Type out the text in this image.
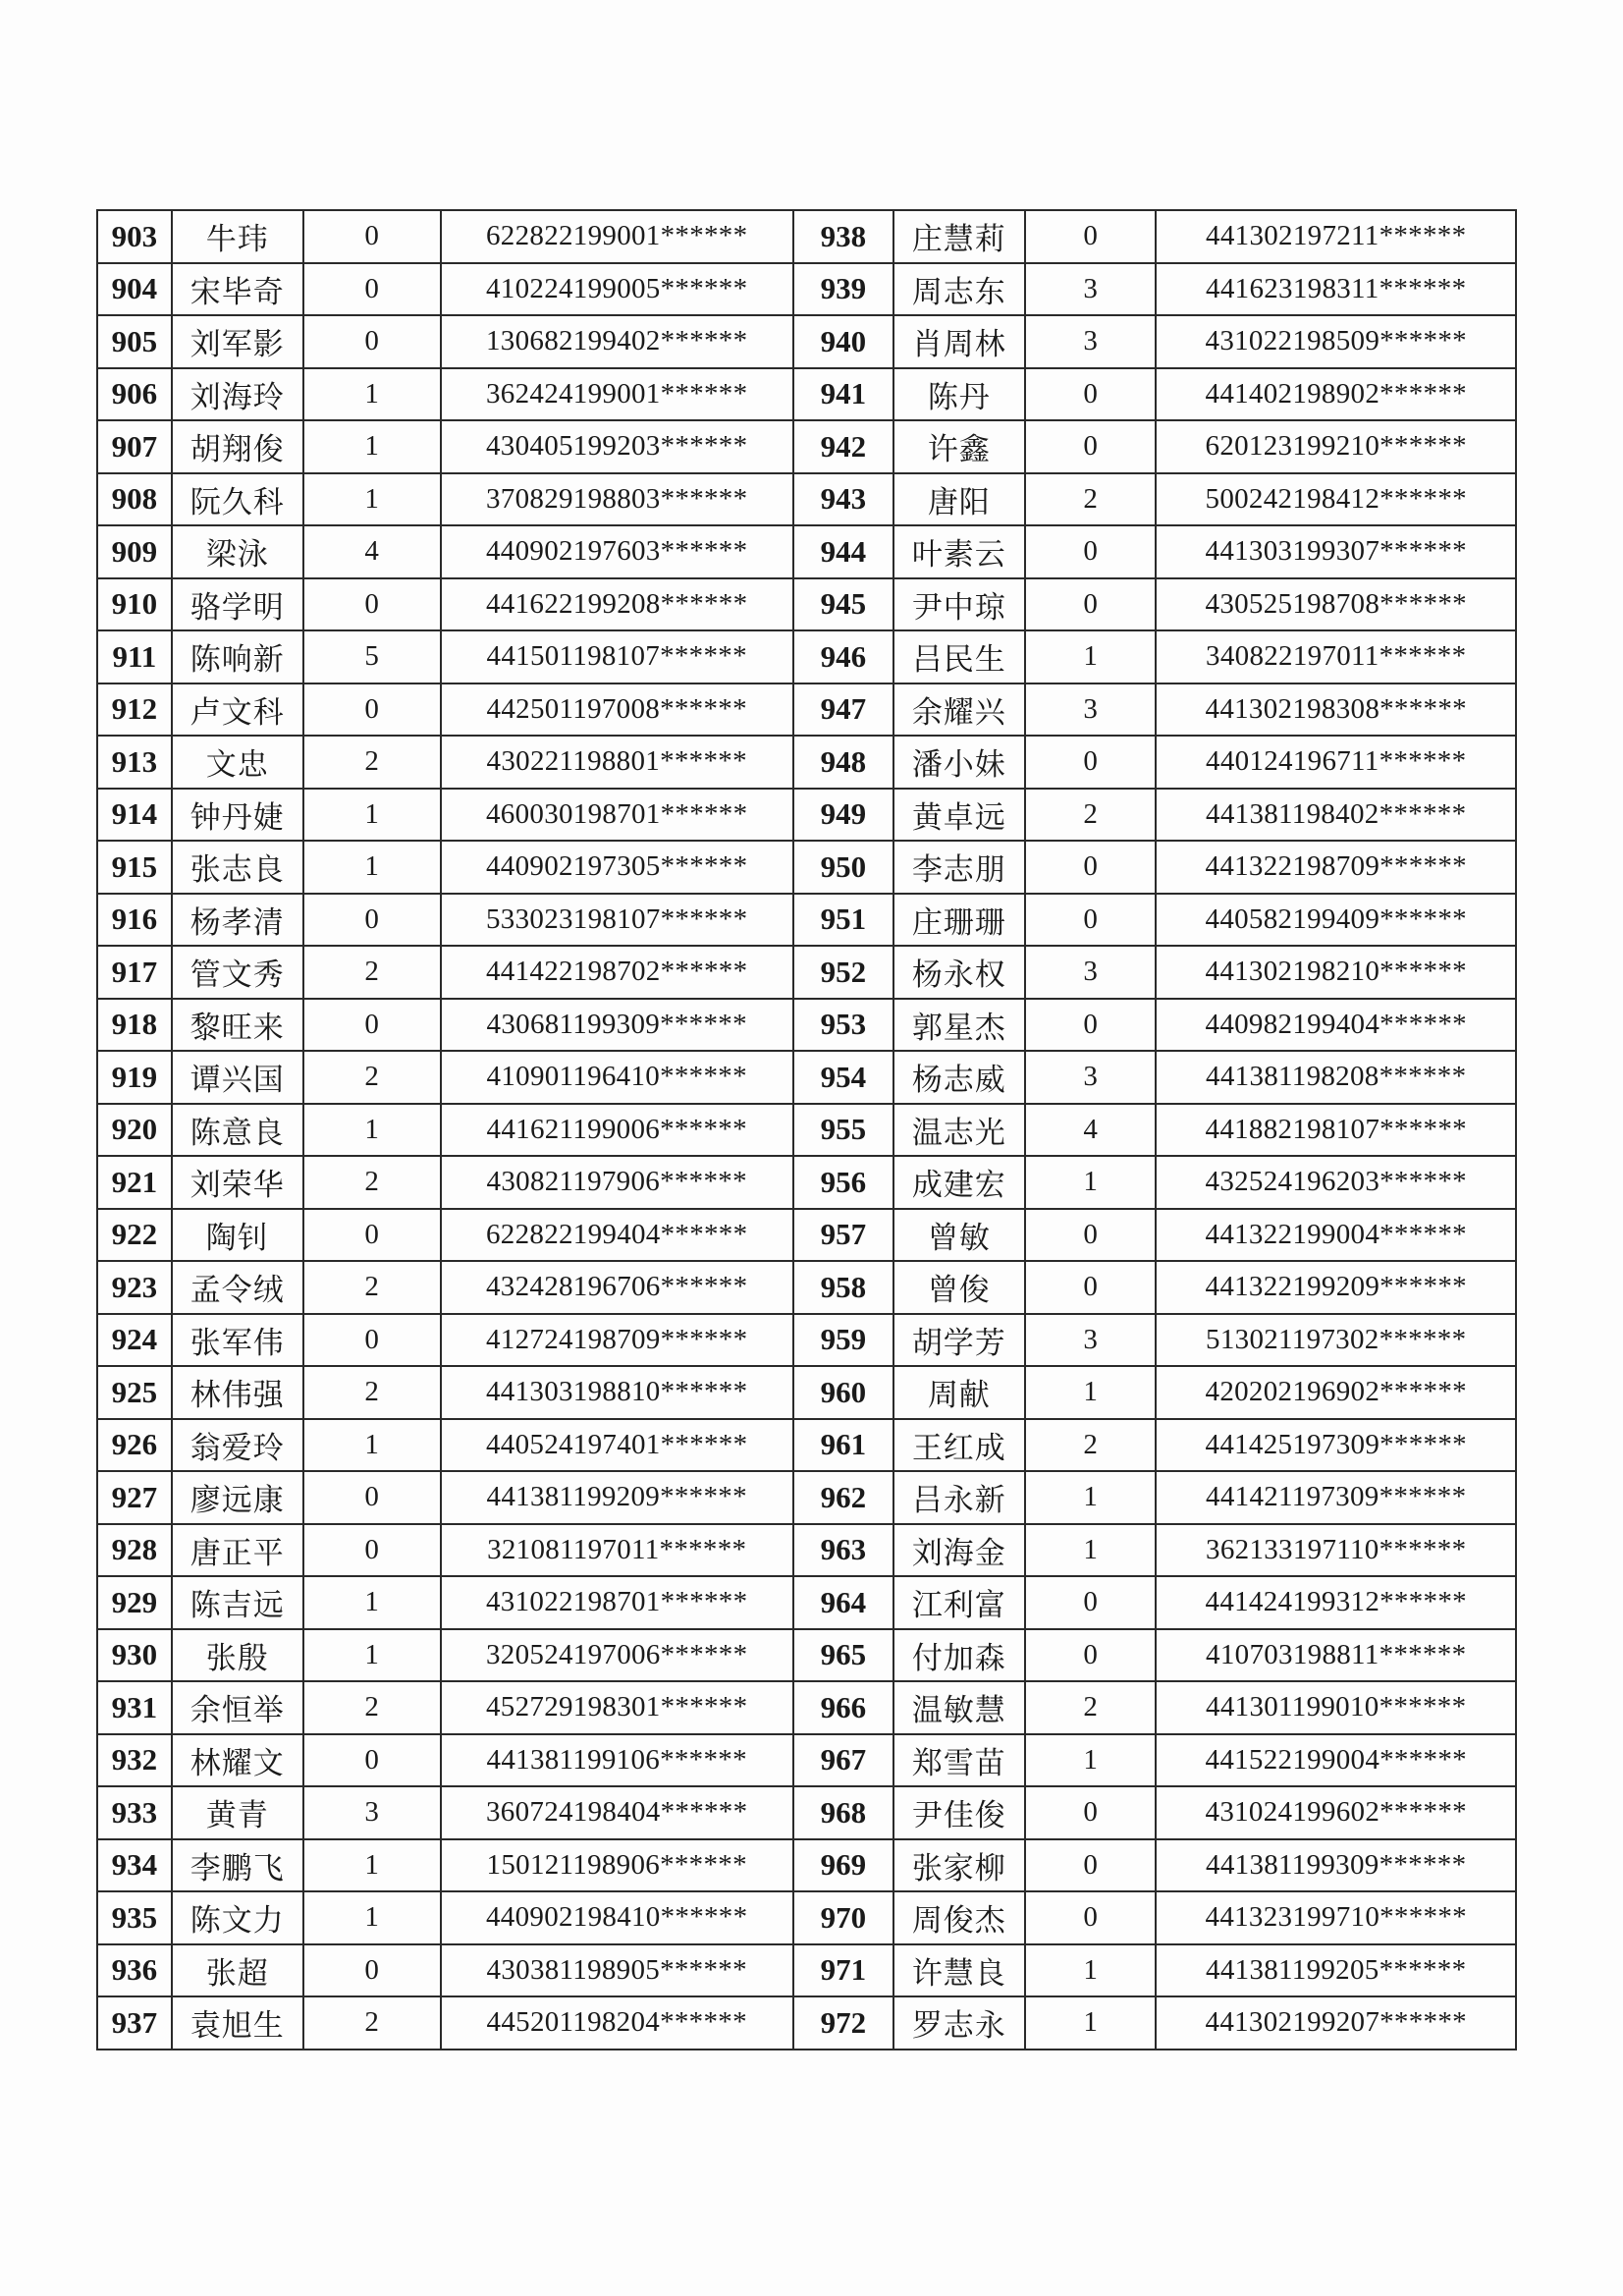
903	牛玮	0	622822199001******	938	庄慧莉	0	441302197211******
904	宋毕奇	0	410224199005******	939	周志东	3	441623198311******
905	刘军影	0	130682199402******	940	肖周林	3	431022198509******
906	刘海玲	1	362424199001******	941	陈丹	0	441402198902******
907	胡翔俊	1	430405199203******	942	许鑫	0	620123199210******
908	阮久科	1	370829198803******	943	唐阳	2	500242198412******
909	梁泳	4	440902197603******	944	叶素云	0	441303199307******
910	骆学明	0	441622199208******	945	尹中琼	0	430525198708******
911	陈响新	5	441501198107******	946	吕民生	1	340822197011******
912	卢文科	0	442501197008******	947	余耀兴	3	441302198308******
913	文忠	2	430221198801******	948	潘小妹	0	440124196711******
914	钟丹婕	1	460030198701******	949	黄卓远	2	441381198402******
915	张志良	1	440902197305******	950	李志朋	0	441322198709******
916	杨孝清	0	533023198107******	951	庄珊珊	0	440582199409******
917	管文秀	2	441422198702******	952	杨永权	3	441302198210******
918	黎旺来	0	430681199309******	953	郭星杰	0	440982199404******
919	谭兴国	2	410901196410******	954	杨志威	3	441381198208******
920	陈意良	1	441621199006******	955	温志光	4	441882198107******
921	刘荣华	2	430821197906******	956	成建宏	1	432524196203******
922	陶钊	0	622822199404******	957	曾敏	0	441322199004******
923	孟令绒	2	432428196706******	958	曾俊	0	441322199209******
924	张军伟	0	412724198709******	959	胡学芳	3	513021197302******
925	林伟强	2	441303198810******	960	周献	1	420202196902******
926	翁爱玲	1	440524197401******	961	王红成	2	441425197309******
927	廖远康	0	441381199209******	962	吕永新	1	441421197309******
928	唐正平	0	321081197011******	963	刘海金	1	362133197110******
929	陈吉远	1	431022198701******	964	江利富	0	441424199312******
930	张殷	1	320524197006******	965	付加森	0	410703198811******
931	余恒举	2	452729198301******	966	温敏慧	2	441301199010******
932	林耀文	0	441381199106******	967	郑雪苗	1	441522199004******
933	黄青	3	360724198404******	968	尹佳俊	0	431024199602******
934	李鹏飞	1	150121198906******	969	张家柳	0	441381199309******
935	陈文力	1	440902198410******	970	周俊杰	0	441323199710******
936	张超	0	430381198905******	971	许慧良	1	441381199205******
937	袁旭生	2	445201198204******	972	罗志永	1	441302199207******
